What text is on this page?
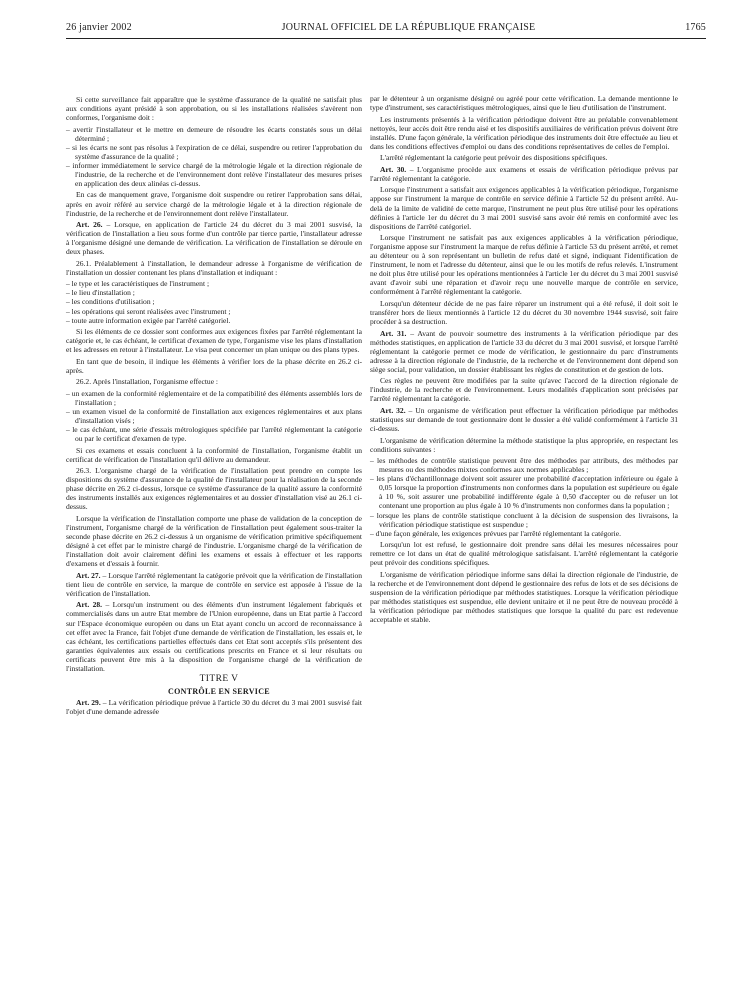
26 janvier 2002	JOURNAL OFFICIEL DE LA RÉPUBLIQUE FRANÇAISE	1765

Si cette surveillance fait apparaître que le système d'assurance de la qualité ne satisfait plus aux conditions ayant présidé à son approbation, ou si les installations réalisées s'avèrent non conformes, l'organisme doit :

– avertir l'installateur et le mettre en demeure de résoudre les écarts constatés sous un délai déterminé ;
– si les écarts ne sont pas résolus à l'expiration de ce délai, suspendre ou retirer l'approbation du système d'assurance de la qualité ;
– informer immédiatement le service chargé de la métrologie légale et la direction régionale de l'industrie, de la recherche et de l'environnement dont relève l'installateur des mesures prises en application des deux alinéas ci-dessus.

En cas de manquement grave, l'organisme doit suspendre ou retirer l'approbation sans délai, après en avoir référé au service chargé de la métrologie légale et à la direction régionale de l'industrie, de la recherche et de l'environnement dont relève l'installateur.

Art. 26. – Lorsque, en application de l'article 24 du décret du 3 mai 2001 susvisé, la vérification de l'installation a lieu sous forme d'un contrôle par tierce partie, l'installateur adresse à l'organisme désigné une demande de vérification. La vérification de l'installation se déroule en deux phases.

26.1. Préalablement à l'installation, le demandeur adresse à l'organisme de vérification de l'installation un dossier contenant les plans d'installation et indiquant :

– le type et les caractéristiques de l'instrument ;
– le lieu d'installation ;
– les conditions d'utilisation ;
– les opérations qui seront réalisées avec l'instrument ;
– toute autre information exigée par l'arrêté catégoriel.

Si les éléments de ce dossier sont conformes aux exigences fixées par l'arrêté réglementant la catégorie et, le cas échéant, le certificat d'examen de type, l'organisme vise les plans d'installation et les adresses en retour à l'installateur. Le visa peut concerner un plan unique ou des plans types.

En tant que de besoin, il indique les éléments à vérifier lors de la phase décrite en 26.2 ci-après.

26.2. Après l'installation, l'organisme effectue :

– un examen de la conformité réglementaire et de la compatibilité des éléments assemblés lors de l'installation ;
– un examen visuel de la conformité de l'installation aux exigences réglementaires et aux plans d'installation visés ;
– le cas échéant, une série d'essais métrologiques spécifiée par l'arrêté réglementant la catégorie ou par le certificat d'examen de type.

Si ces examens et essais concluent à la conformité de l'installation, l'organisme établit un certificat de vérification de l'installation qu'il délivre au demandeur.

26.3. L'organisme chargé de la vérification de l'installation peut prendre en compte les dispositions du système d'assurance de la qualité de l'installateur pour la réalisation de la seconde phase décrite en 26.2 ci-dessus, lorsque ce système d'assurance de la qualité assure la conformité des instruments installés aux exigences réglementaires et au dossier d'installation visé au 26.1 ci-dessus.

Lorsque la vérification de l'installation comporte une phase de validation de la conception de l'instrument, l'organisme chargé de la vérification de l'installation peut également sous-traiter la seconde phase décrite en 26.2 ci-dessus à un organisme de vérification primitive spécifiquement désigné à cet effet par le ministre chargé de l'industrie. L'organisme chargé de la vérification de l'installation doit avoir clairement défini les examens et essais à effectuer et les rapports d'examens et d'essais à fournir.

Art. 27. – Lorsque l'arrêté réglementant la catégorie prévoit que la vérification de l'installation tient lieu de contrôle en service, la marque de contrôle en service est apposée à l'issue de la vérification de l'installation.

Art. 28. – Lorsqu'un instrument ou des éléments d'un instrument légalement fabriqués et commercialisés dans un autre Etat membre de l'Union européenne, dans un Etat partie à l'accord sur l'Espace économique européen ou dans un Etat ayant conclu un accord de reconnaissance à cet effet avec la France, fait l'objet d'une demande de vérification de l'installation, les essais et, le cas échéant, les certifications partielles effectués dans cet Etat sont acceptés s'ils présentent des garanties équivalentes aux essais ou certifications prescrits en France et si leur résultats ou certificats peuvent être mis à la disposition de l'organisme chargé de la vérification de l'installation.

TITRE V

CONTRÔLE EN SERVICE

Art. 29. – La vérification périodique prévue à l'article 30 du décret du 3 mai 2001 susvisé fait l'objet d'une demande adressée

par le détenteur à un organisme désigné ou agréé pour cette vérification. La demande mentionne le type d'instrument, ses caractéristiques métrologiques, ainsi que le lieu d'utilisation de l'instrument.

Les instruments présentés à la vérification périodique doivent être au préalable convenablement nettoyés, leur accès doit être rendu aisé et les dispositifs auxiliaires de vérification prévus doivent être installés. D'une façon générale, la vérification périodique des instruments doit être effectuée au lieu et dans les conditions effectives d'emploi ou dans des conditions représentatives de celles de l'emploi.

L'arrêté réglementant la catégorie peut prévoir des dispositions spécifiques.

Art. 30. – L'organisme procède aux examens et essais de vérification périodique prévus par l'arrêté réglementant la catégorie.

Lorsque l'instrument a satisfait aux exigences applicables à la vérification périodique, l'organisme appose sur l'instrument la marque de contrôle en service définie à l'article 52 du présent arrêté. Au-delà de la limite de validité de cette marque, l'instrument ne peut plus être utilisé pour les opérations définies à l'article 1er du décret du 3 mai 2001 susvisé sans avoir été remis en conformité avec les dispositions de l'arrêté catégoriel.

Lorsque l'instrument ne satisfait pas aux exigences applicables à la vérification périodique, l'organisme appose sur l'instrument la marque de refus définie à l'article 53 du présent arrêté, et remet au détenteur ou à son représentant un bulletin de refus daté et signé, indiquant l'identification de l'instrument, le nom et l'adresse du détenteur, ainsi que le ou les motifs de refus relevés. L'instrument ne doit plus être utilisé pour les opérations mentionnées à l'article 1er du décret du 3 mai 2001 susvisé avant d'avoir subi une réparation et d'avoir reçu une nouvelle marque de contrôle en service, conformément à l'arrêté réglementant la catégorie.

Lorsqu'un détenteur décide de ne pas faire réparer un instrument qui a été refusé, il doit soit le transférer hors de lieux mentionnés à l'article 12 du décret du 30 novembre 1944 susvisé, soit faire procéder à sa destruction.

Art. 31. – Avant de pouvoir soumettre des instruments à la vérification périodique par des méthodes statistiques, en application de l'article 33 du décret du 3 mai 2001 susvisé, et lorsque l'arrêté réglementant la catégorie permet ce mode de vérification, le gestionnaire du parc d'instruments adresse à la direction régionale de l'industrie, de la recherche et de l'environnement dont dépend son siège social, pour validation, un dossier établissant les règles de constitution et de gestion de lots.

Ces règles ne peuvent être modifiées par la suite qu'avec l'accord de la direction régionale de l'industrie, de la recherche et de l'environnement. Leurs modalités d'application sont précisées par l'arrêté réglementant la catégorie.

Art. 32. – Un organisme de vérification peut effectuer la vérification périodique par méthodes statistiques sur demande de tout gestionnaire dont le dossier a été validé conformément à l'article 31 ci-dessus.

L'organisme de vérification détermine la méthode statistique la plus appropriée, en respectant les conditions suivantes :

– les méthodes de contrôle statistique peuvent être des méthodes par attributs, des méthodes par mesures ou des méthodes mixtes conformes aux normes applicables ;
– les plans d'échantillonnage doivent soit assurer une probabilité d'acceptation inférieure ou égale à 0,05 lorsque la proportion d'instruments non conformes dans la population est supérieure ou égale à 10 %, soit assurer une probabilité indifférente égale à 0,50 d'accepter ou de refuser un lot contenant une proportion au plus égale à 10 % d'instruments non conformes dans la population ;
– lorsque les plans de contrôle statistique concluent à la décision de suspension des livraisons, la vérification périodique statistique est suspendue ;
– d'une façon générale, les exigences prévues par l'arrêté réglementant la catégorie.

Lorsqu'un lot est refusé, le gestionnaire doit prendre sans délai les mesures nécessaires pour remettre ce lot dans un état de qualité métrologique satisfaisant. L'arrêté réglementant la catégorie peut prévoir des conditions spécifiques.

L'organisme de vérification périodique informe sans délai la direction régionale de l'industrie, de la recherche et de l'environnement dont dépend le gestionnaire des refus de lots et de ses décisions de suspension de la vérification périodique par méthodes statistiques. Lorsque la vérification périodique par méthodes statistiques est suspendue, elle devient unitaire et il ne peut être de nouveau procédé à la vérification périodique par méthodes statistiques que lorsque la qualité du parc est redevenue acceptable et stable.
